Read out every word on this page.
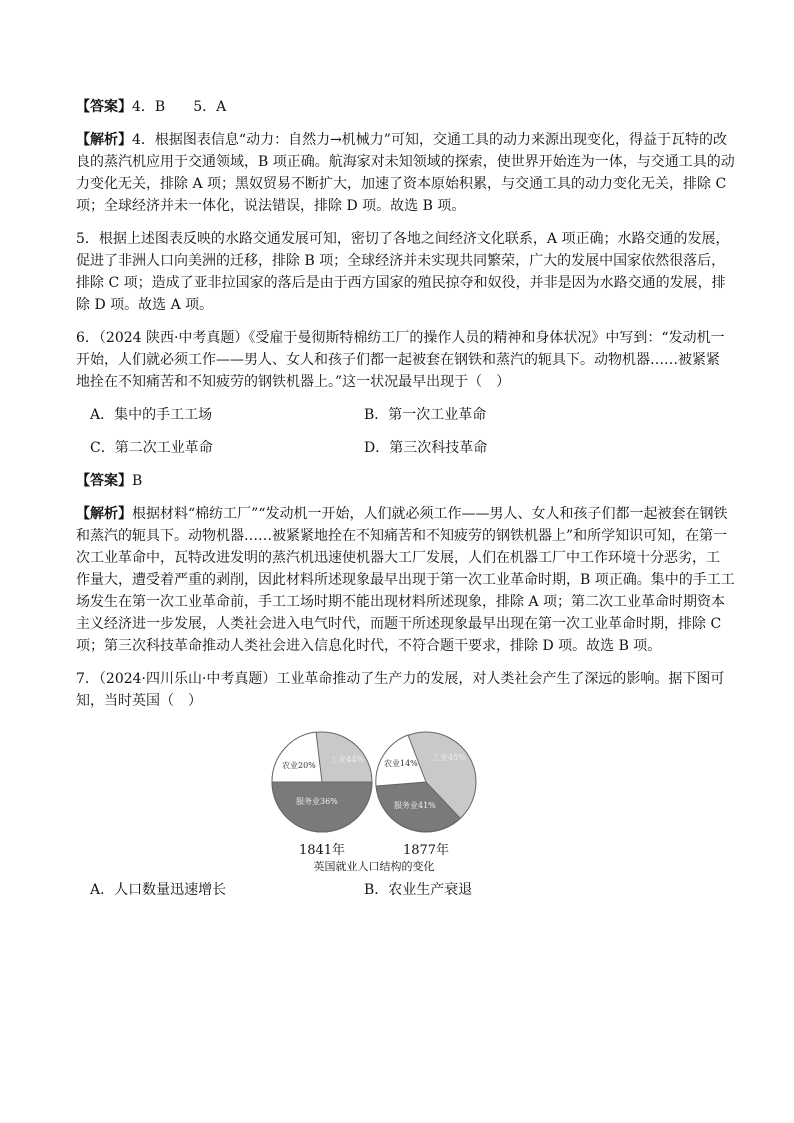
【答案】4．B　　5．A
【解析】4．根据图表信息“动力：自然力→机械力”可知，交通工具的动力来源出现变化，得益于瓦特的改
良的蒸汽机应用于交通领域，B 项正确。航海家对未知领域的探索，使世界开始连为一体，与交通工具的动
力变化无关，排除 A 项；黑奴贸易不断扩大，加速了资本原始积累，与交通工具的动力变化无关，排除 C
项；全球经济并未一体化，说法错误，排除 D 项。故选 B 项。
5．根据上述图表反映的水路交通发展可知，密切了各地之间经济文化联系，A 项正确；水路交通的发展，
促进了非洲人口向美洲的迁移，排除 B 项；全球经济并未实现共同繁荣，广大的发展中国家依然很落后，
排除 C 项；造成了亚非拉国家的落后是由于西方国家的殖民掠夺和奴役，并非是因为水路交通的发展，排
除 D 项。故选 A 项。
6．（2024 陕西·中考真题）《受雇于曼彻斯特棉纺工厂的操作人员的精神和身体状况》中写到：“发动机一
开始，人们就必须工作——男人、女人和孩子们都一起被套在钢铁和蒸汽的轭具下。动物机器……被紧紧
地拴在不知痛苦和不知疲劳的钢铁机器上。”这一状况最早出现于（　）
A．集中的手工工场	B．第一次工业革命
C．第二次工业革命	D．第三次科技革命
【答案】B
【解析】根据材料“棉纺工厂”“发动机一开始，人们就必须工作——男人、女人和孩子们都一起被套在钢铁
和蒸汽的轭具下。动物机器……被紧紧地拴在不知痛苦和不知疲劳的钢铁机器上”和所学知识可知，在第一
次工业革命中，瓦特改进发明的蒸汽机迅速使机器大工厂发展，人们在机器工厂中工作环境十分恶劣，工
作量大，遭受着严重的剥削，因此材料所述现象最早出现于第一次工业革命时期，B 项正确。集中的手工工
场发生在第一次工业革命前，手工工场时期不能出现材料所述现象，排除 A 项；第二次工业革命时期资本
主义经济进一步发展，人类社会进入电气时代，而题干所述现象最早出现在第一次工业革命时期，排除 C
项；第三次科技革命推动人类社会进入信息化时代，不符合题干要求，排除 D 项。故选 B 项。
7．（2024·四川乐山·中考真题）工业革命推动了生产力的发展，对人类社会产生了深远的影响。据下图可
知，当时英国（　）
农业20%
工业44%
服务业36%
农业14%
工业45%
服务业41%
1841年	1877年
英国就业人口结构的变化
A．人口数量迅速增长	B．农业生产衰退
